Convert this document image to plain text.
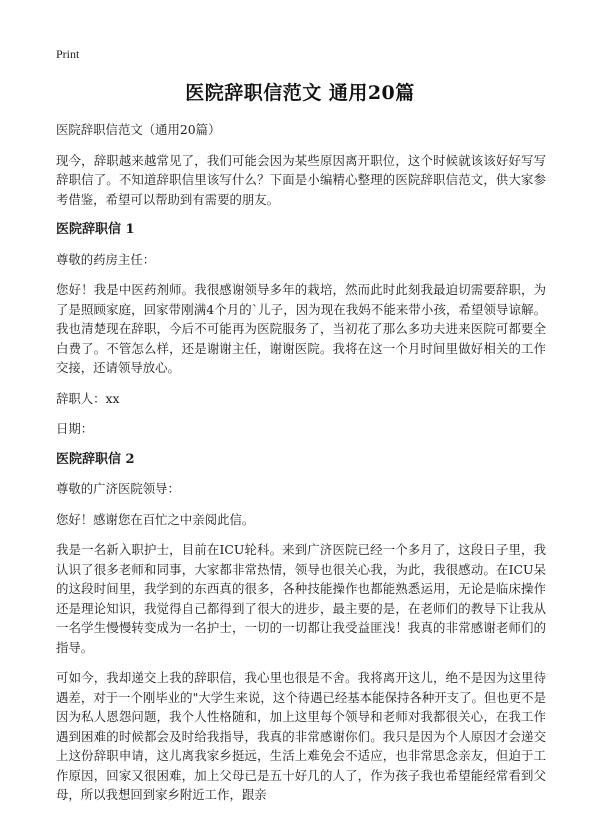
Print
医院辞职信范文 通用20篇

医院辞职信范文（通用20篇）

现今，辞职越来越常见了，我们可能会因为某些原因离开职位，这个时候就该该好好写写辞职信了。不知道辞职信里该写什么？下面是小编精心整理的医院辞职信范文，供大家参考借鉴，希望可以帮助到有需要的朋友。

医院辞职信 1

尊敬的药房主任：

您好！我是中医药剂师。我很感谢领导多年的栽培，然而此时此刻我最迫切需要辞职，为了是照顾家庭，回家带刚满4个月的`儿子，因为现在我妈不能来带小孩，希望领导谅解。我也清楚现在辞职，今后不可能再为医院服务了，当初花了那么多功夫进来医院可都要全白费了。不管怎么样，还是谢谢主任，谢谢医院。我将在这一个月时间里做好相关的工作交接，还请领导放心。

辞职人：xx

日期：

医院辞职信 2

尊敬的广济医院领导：

您好！感谢您在百忙之中亲阅此信。

我是一名新入职护士，目前在ICU轮科。来到广济医院已经一个多月了，这段日子里，我认识了很多老师和同事，大家都非常热情，领导也很关心我，为此，我很感动。在ICU呆的这段时间里，我学到的东西真的很多，各种技能操作也都能熟悉运用，无论是临床操作还是理论知识，我觉得自己都得到了很大的进步，最主要的是，在老师们的教导下让我从一名学生慢慢转变成为一名护士，一切的一切都让我受益匪浅！我真的非常感谢老师们的指导。

可如今，我却递交上我的辞职信，我心里也很是不舍。我将离开这儿，绝不是因为这里待遇差，对于一个刚毕业的"大学生来说，这个待遇已经基本能保持各种开支了。但也更不是因为私人恩怨问题，我个人性格随和，加上这里每个领导和老师对我都很关心，在我工作遇到困难的时候都会及时给我指导，我真的非常感谢你们。我只是因为个人原因才会递交上这份辞职申请，这儿离我家乡挺远，生活上难免会不适应，也非常思念亲友，但迫于工作原因，回家又很困难，加上父母已是五十好几的人了，作为孩子我也希望能经常看到父母，所以我想回到家乡附近工作，跟亲
